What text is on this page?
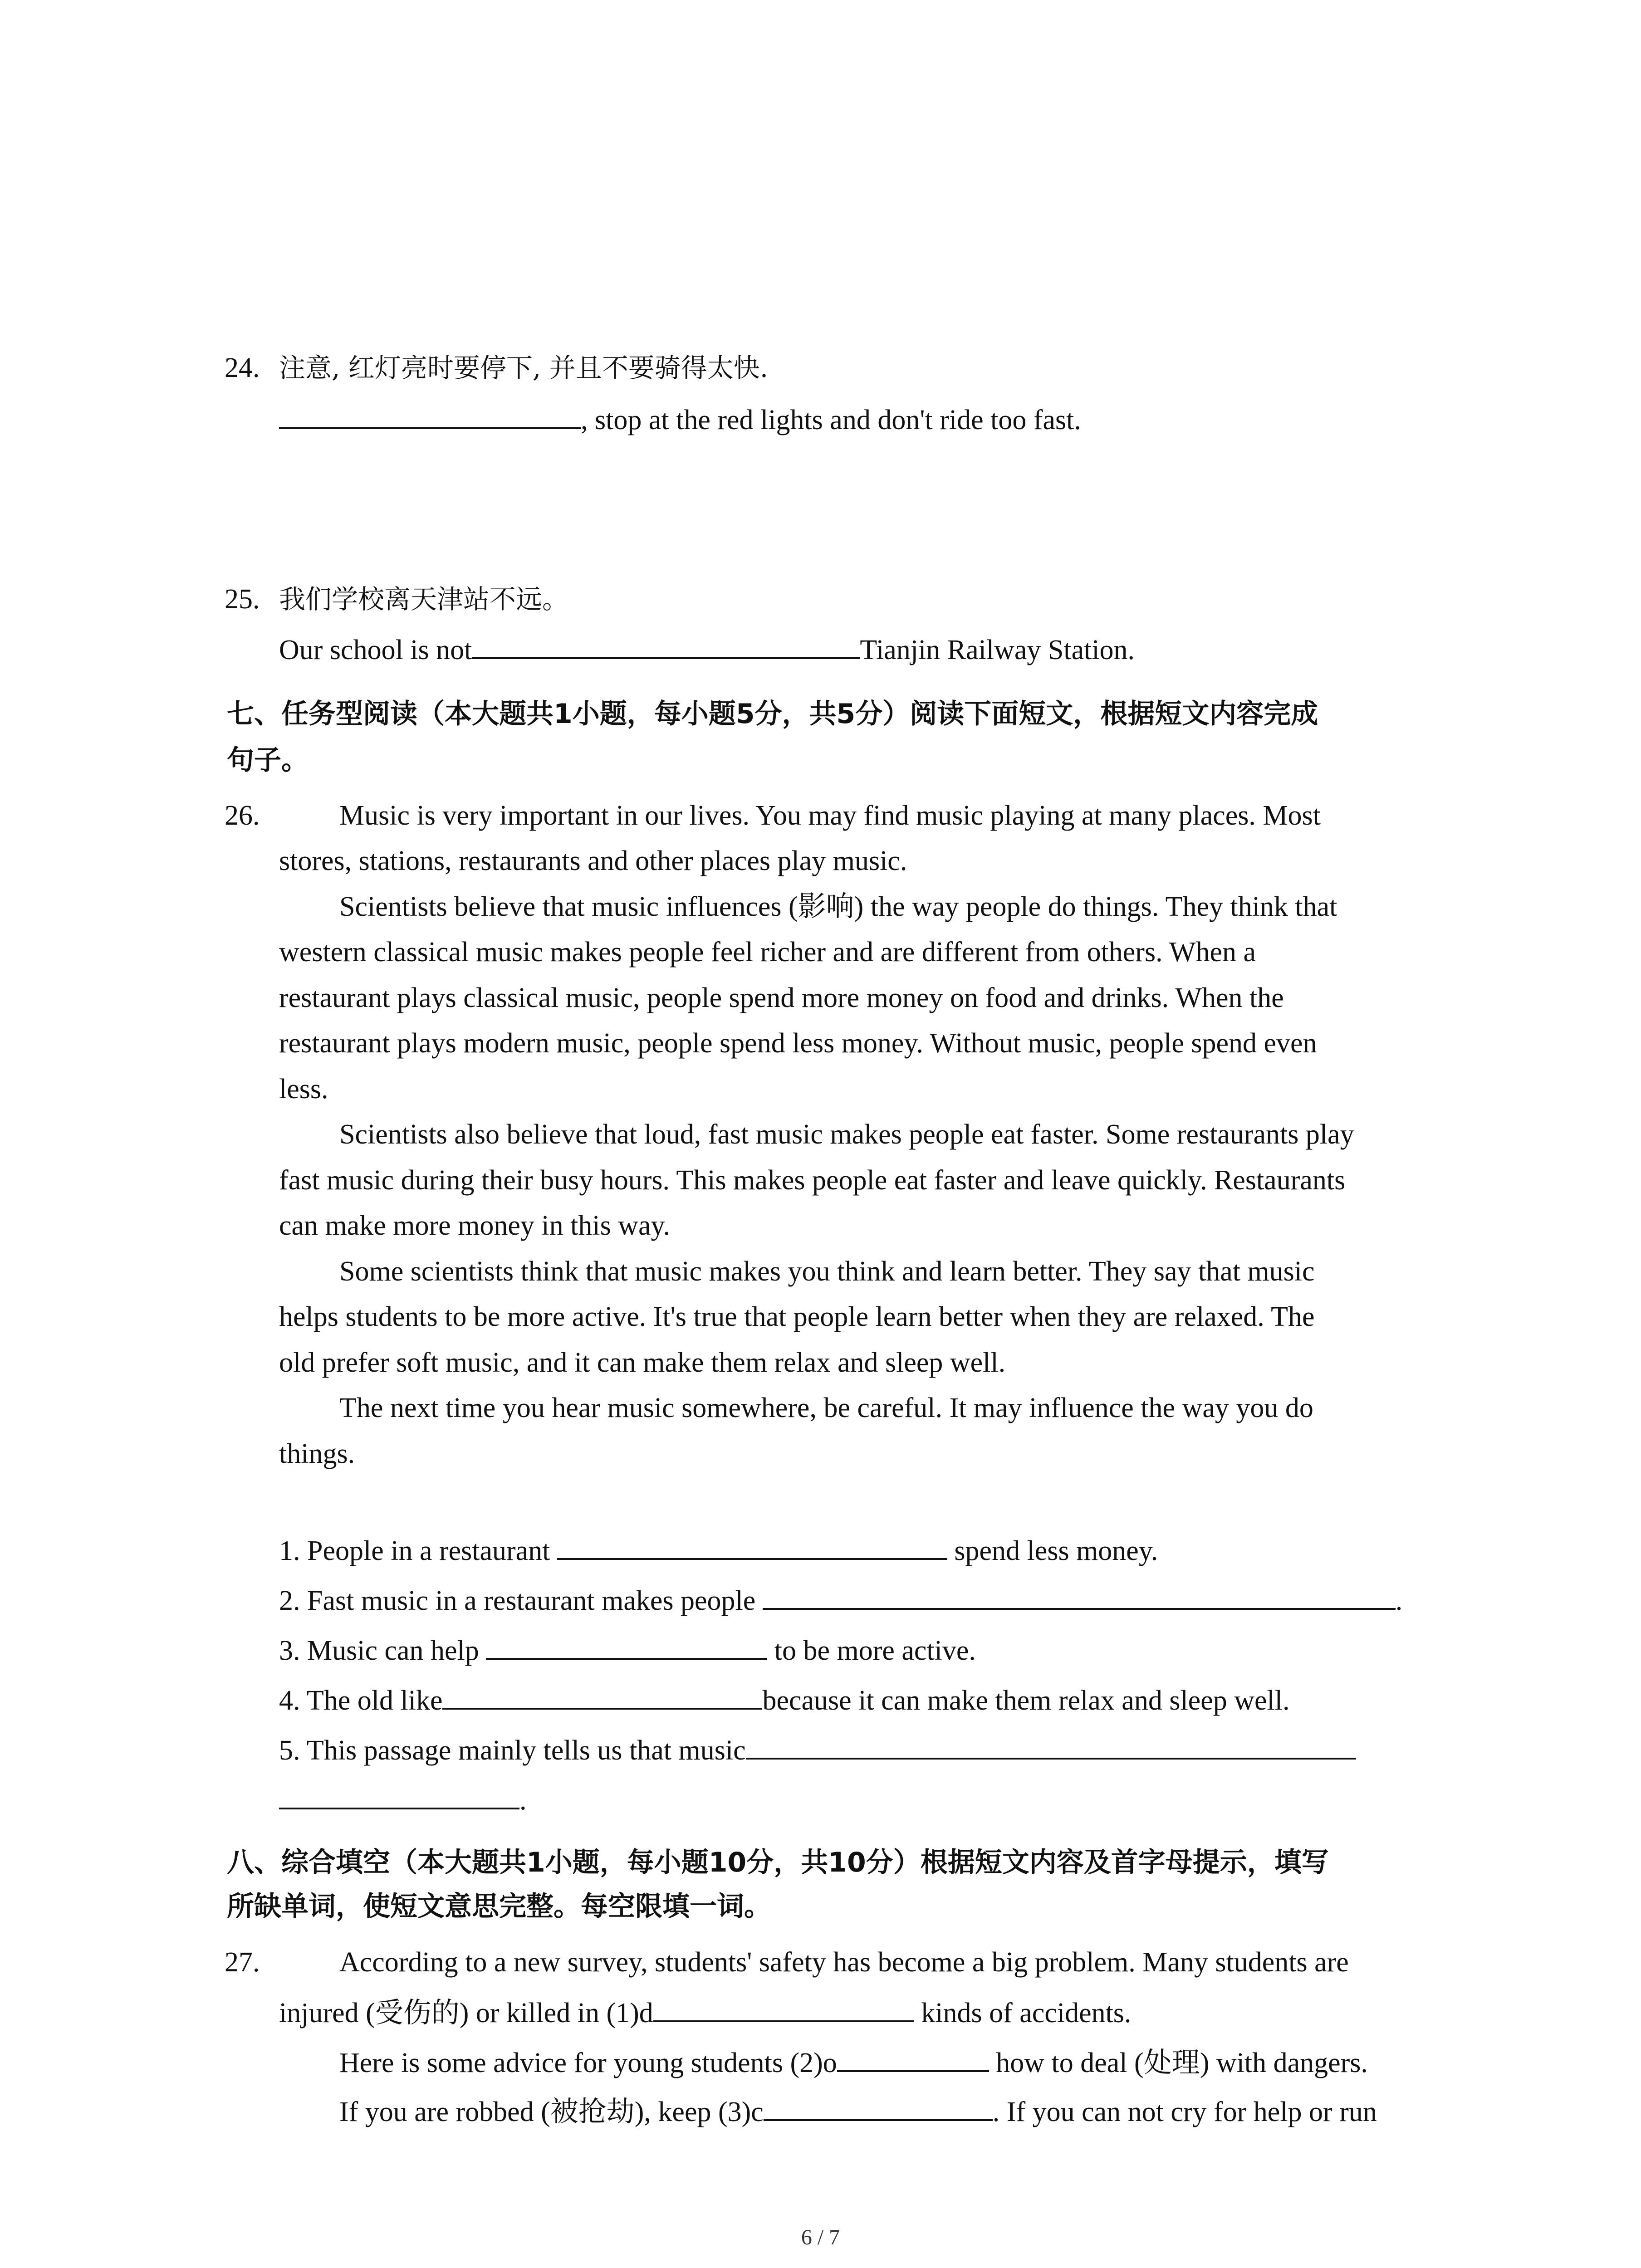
24. 注意, 红灯亮时要停下, 并且不要骑得太快.
, stop at the red lights and don't ride too fast.
25. 我们学校离天津站不远。
Our school is not	Tianjin Railway Station.
七、任务型阅读（本大题共1小题，每小题5分，共5分）阅读下面短文，根据短文内容完成
句子。
26.	Music is very important in our lives. You may find music playing at many places. Most
stores, stations, restaurants and other places play music.
Scientists believe that music influences (影响) the way people do things. They think that
western classical music makes people feel richer and are different from others. When a
restaurant plays classical music, people spend more money on food and drinks. When the
restaurant plays modern music, people spend less money. Without music, people spend even
less.
Scientists also believe that loud, fast music makes people eat faster. Some restaurants play
fast music during their busy hours. This makes people eat faster and leave quickly. Restaurants
can make more money in this way.
Some scientists think that music makes you think and learn better. They say that music
helps students to be more active. It's true that people learn better when they are relaxed. The
old prefer soft music, and it can make them relax and sleep well.
The next time you hear music somewhere, be careful. It may influence the way you do
things.
1. People in a restaurant	spend less money.
2. Fast music in a restaurant makes people	.
3. Music can help	to be more active.
4. The old like	because it can make them relax and sleep well.
5. This passage mainly tells us that music
.
八、综合填空（本大题共1小题，每小题10分，共10分）根据短文内容及首字母提示，填写
所缺单词，使短文意思完整。每空限填一词。
27.	According to a new survey, students' safety has become a big problem. Many students are
injured (受伤的) or killed in (1)d	kinds of accidents.
Here is some advice for young students (2)o	how to deal (处理) with dangers.
If you are robbed (被抢劫), keep (3)c	. If you can not cry for help or run
6 / 7
